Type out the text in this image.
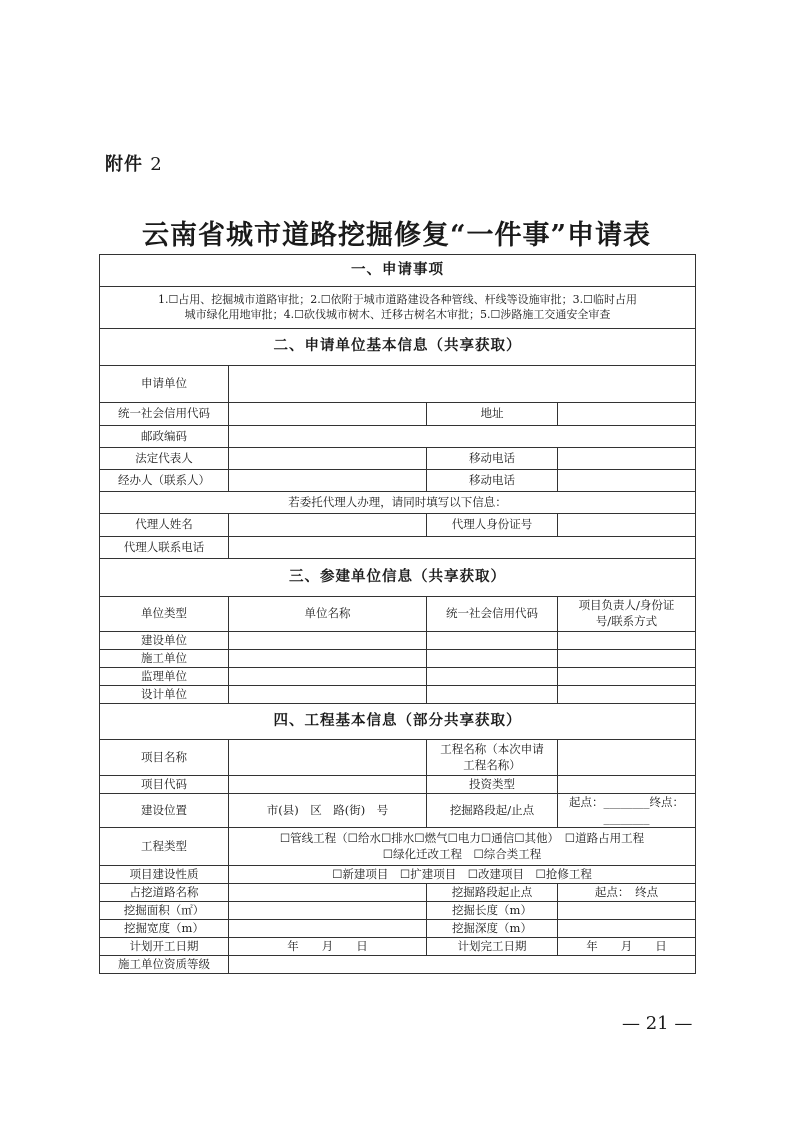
附件 2
云南省城市道路挖掘修复“一件事”申请表
一、申请事项			

1.☐占用、挖掘城市道路审批；2.☐依附于城市道路建设各种管线、杆线等设施审批；3.☐临时占用
城市绿化用地审批；4.☐砍伐城市树木、迁移古树名木审批；5.☐涉路施工交通安全审查			

二、申请单位基本信息（共享获取）			
申请单位			
统一社会信用代码		地址	
邮政编码			
法定代表人		移动电话	
经办人（联系人）		移动电话	
若委托代理人办理，请同时填写以下信息：			
代理人姓名		代理人身份证号	
代理人联系电话			
三、参建单位信息（共享获取）			
单位类型	单位名称	统一社会信用代码	项目负责人/身份证
号/联系方式

建设单位			
施工单位			
监理单位			
设计单位			
四、工程基本信息（部分共享获取）			
项目名称		工程名称（本次申请
工程名称）	

项目代码		投资类型	
建设位置	市(县)　区　路(街)　号	挖掘路段起/止点	起点：________终点：
________

工程类型	☐管线工程（☐给水☐排水☐燃气☐电力☐通信☐其他）　☐道路占用工程
☐绿化迁改工程　☐综合类工程		

项目建设性质	☐新建项目　☐扩建项目　☐改建项目　☐抢修工程		
占挖道路名称		挖掘路段起止点	起点：　终点
挖掘面积（㎡）		挖掘长度（m）	
挖掘宽度（m）		挖掘深度（m）	
计划开工日期	年　　月　　日	计划完工日期	年　　月　　日
施工单位资质等级			
— 21 —
